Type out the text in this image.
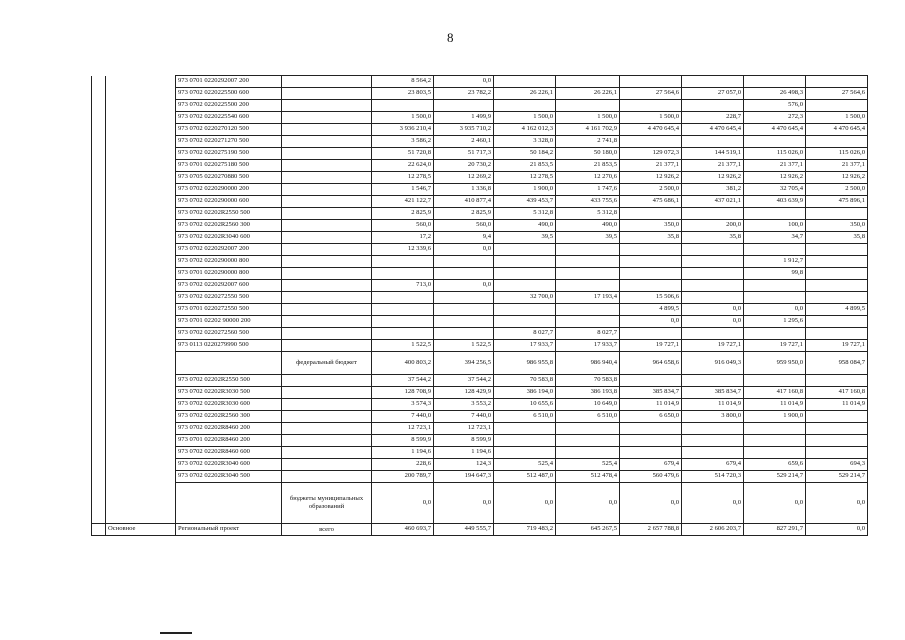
8
		973 0701 0220292007 200		8 564,2	0,0						
		973 0702 0220225500 600		23 803,5	23 782,2	26 226,1	26 226,1	27 564,6	27 057,0	26 498,3	27 564,6
		973 0702 0220225500 200								576,0	
		973 0702 0220225540 600		1 500,0	1 499,9	1 500,0	1 500,0	1 500,0	228,7	272,3	1 500,0
		973 0702 0220270120 500		3 936 210,4	3 935 710,2	4 162 012,3	4 161 702,9	4 470 645,4	4 470 645,4	4 470 645,4	4 470 645,4
		973 0702 0220271270 500		3 586,2	2 460,1	3 328,0	2 741,8				
		973 0702 0220275190 500		51 720,8	51 717,3	50 184,2	50 180,0	129 072,3	144 519,1	115 026,0	115 026,0
		973 0701 0220275180 500		22 624,0	20 730,2	21 853,5	21 853,5	21 377,1	21 377,1	21 377,1	21 377,1
		973 0705 0220270880 500		12 278,5	12 269,2	12 278,5	12 270,6	12 926,2	12 926,2	12 926,2	12 926,2
		973 0702 0220290000 200		1 546,7	1 336,8	1 900,0	1 747,6	2 500,0	381,2	32 705,4	2 500,0
		973 0702 0220290000 600		421 122,7	410 877,4	439 453,7	433 755,6	475 686,1	437 021,1	403 639,9	475 896,1
		973 0702 02202R2550 500		2 825,9	2 825,9	5 312,8	5 312,8				
		973 0702 02202R2560 300		560,0	560,0	490,0	490,0	350,0	200,0	100,0	350,0
		973 0702 02202R3040 600		17,2	9,4	39,5	39,5	35,8	35,8	34,7	35,8
		973 0702 0220292007 200		12 339,6	0,0						
		973 0702 0220290000 800								1 912,7	
		973 0701 0220290000 800								99,8	
		973 0702 0220292007 600		713,0	0,0						
		973 0702 0220272550 500				32 700,0	17 193,4	15 506,6			
		973 0701 0220272550 500						4 899,5	0,0	0,0	4 899,5
		973 0701 02202 90000 200						0,0	0,0	1 295,6	
		973 0702 0220272560 500				8 027,7	8 027,7				
		973 0113 0220279990 500		1 522,5	1 522,5	17 933,7	17 933,7	19 727,1	19 727,1	19 727,1	19 727,1
			федеральный бюджет	400 803,2	394 256,5	986 955,8	986 940,4	964 658,6	916 049,3	959 950,0	958 084,7
		973 0702 02202R2550 500		37 544,2	37 544,2	70 583,8	70 583,8				
		973 0702 02202R3030 500		128 708,9	128 429,9	386 194,0	386 193,8	385 834,7	385 834,7	417 160,8	417 160,8
		973 0702 02202R3030 600		3 574,3	3 553,2	10 655,6	10 649,0	11 014,9	11 014,9	11 014,9	11 014,9
		973 0702 02202R2560 300		7 440,0	7 440,0	6 510,0	6 510,0	6 650,0	3 800,0	1 900,0	
		973 0702 02202R8460 200		12 723,1	12 723,1						
		973 0701 02202R8460 200		8 599,9	8 599,9						
		973 0702 02202R8460 600		1 194,6	1 194,6						
		973 0702 02202R3040 600		228,6	124,3	525,4	525,4	679,4	679,4	659,6	694,3
		973 0702 02202R3040 500		200 789,7	194 647,3	512 487,0	512 478,4	560 479,6	514 720,3	529 214,7	529 214,7
			бюджеты муниципальных образований	0,0	0,0	0,0	0,0	0,0	0,0	0,0	0,0
	Основное	Региональный проект	всего	460 693,7	449 555,7	719 483,2	645 267,5	2 657 788,8	2 606 203,7	827 291,7	0,0
